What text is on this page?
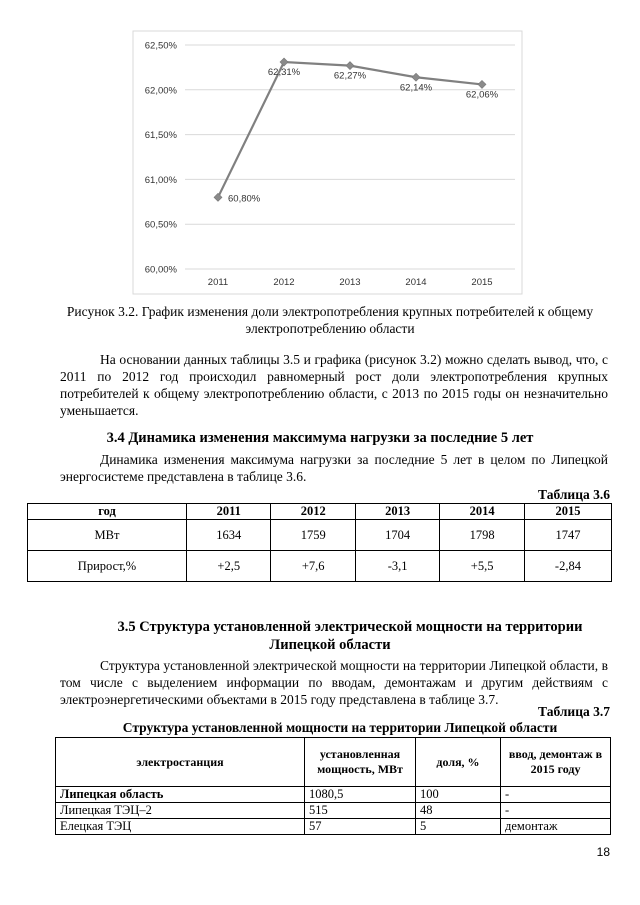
60,00%
60,50%
61,00%
61,50%
62,00%
62,50%
2011	2012	2013	2014	2015
60,80%
62,31%	62,27%
62,14%
62,06%
Рисунок 3.2. График изменения доли электропотребления крупных потребителей к общему электропотреблению области
На основании данных таблицы 3.5 и графика (рисунок 3.2) можно сделать вывод, что, с 2011 по 2012 год происходил равномерный рост доли электропотребления крупных потребителей к общему электропотреблению области, с 2013 по 2015 годы он незначительно уменьшается.
3.4 Динамика изменения максимума нагрузки за последние 5 лет
Динамика изменения максимума нагрузки за последние 5 лет в целом по Липецкой энергосистеме представлена в таблице 3.6.
Таблица 3.6
год	2011	2012	2013	2014	2015
МВт	1634	1759	1704	1798	1747
Прирост,%	+2,5	+7,6	-3,1	+5,5	-2,84
3.5 Структура установленной электрической мощности на территории
Липецкой области
Структура установленной электрической мощности на территории Липецкой области, в том числе с выделением информации по вводам, демонтажам и другим действиям с электроэнергетическими объектами в 2015 году представлена в таблице 3.7.
Таблица 3.7
Структура установленной мощности на территории Липецкой области
электростанция	установленная мощность, МВт	доля, %	ввод, демонтаж в 2015 году
Липецкая область	1080,5	100	-
Липецкая ТЭЦ–2	515	48	-
Елецкая ТЭЦ	57	5	демонтаж
18
